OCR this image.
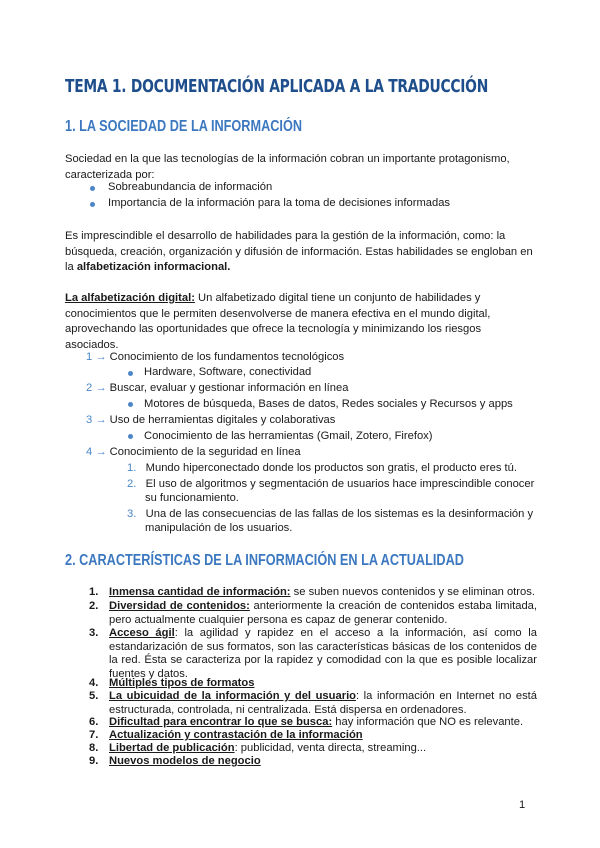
TEMA 1. DOCUMENTACIÓN APLICADA A LA TRADUCCIÓN
1. LA SOCIEDAD DE LA INFORMACIÓN
Sociedad en la que las tecnologías de la información cobran un importante protagonismo,
caracterizada por:
Sobreabundancia de información
Importancia de la información para la toma de decisiones informadas
Es imprescindible el desarrollo de habilidades para la gestión de la información, como: la
búsqueda, creación, organización y difusión de información. Estas habilidades se engloban en
la alfabetización informacional.
La alfabetización digital: Un alfabetizado digital tiene un conjunto de habilidades y
conocimientos que le permiten desenvolverse de manera efectiva en el mundo digital,
aprovechando las oportunidades que ofrece la tecnología y minimizando los riesgos
asociados.
1 → Conocimiento de los fundamentos tecnológicos
Hardware, Software, conectividad
2 → Buscar, evaluar y gestionar información en línea
Motores de búsqueda, Bases de datos, Redes sociales y Recursos y apps
3 → Uso de herramientas digitales y colaborativas
Conocimiento de las herramientas (Gmail, Zotero, Firefox)
4 → Conocimiento de la seguridad en línea
1. Mundo hiperconectado donde los productos son gratis, el producto eres tú.
2. El uso de algoritmos y segmentación de usuarios hace imprescindible conocer
su funcionamiento.
3. Una de las consecuencias de las fallas de los sistemas es la desinformación y
manipulación de los usuarios.
2. CARACTERÍSTICAS DE LA INFORMACIÓN EN LA ACTUALIDAD
1. Inmensa cantidad de información: se suben nuevos contenidos y se eliminan otros.
2. Diversidad de contenidos: anteriormente la creación de contenidos estaba limitada, pero actualmente cualquier persona es capaz de generar contenido.
3. Acceso ágil: la agilidad y rapidez en el acceso a la información, así como la estandarización de sus formatos, son las características básicas de los contenidos de la red. Ésta se caracteriza por la rapidez y comodidad con la que es posible localizar fuentes y datos.
4. Múltiples tipos de formatos
5. La ubicuidad de la información y del usuario: la información en Internet no está estructurada, controlada, ni centralizada. Está dispersa en ordenadores.
6. Dificultad para encontrar lo que se busca: hay información que NO es relevante.
7. Actualización y contrastación de la información
8. Libertad de publicación: publicidad, venta directa, streaming...
9. Nuevos modelos de negocio
1
